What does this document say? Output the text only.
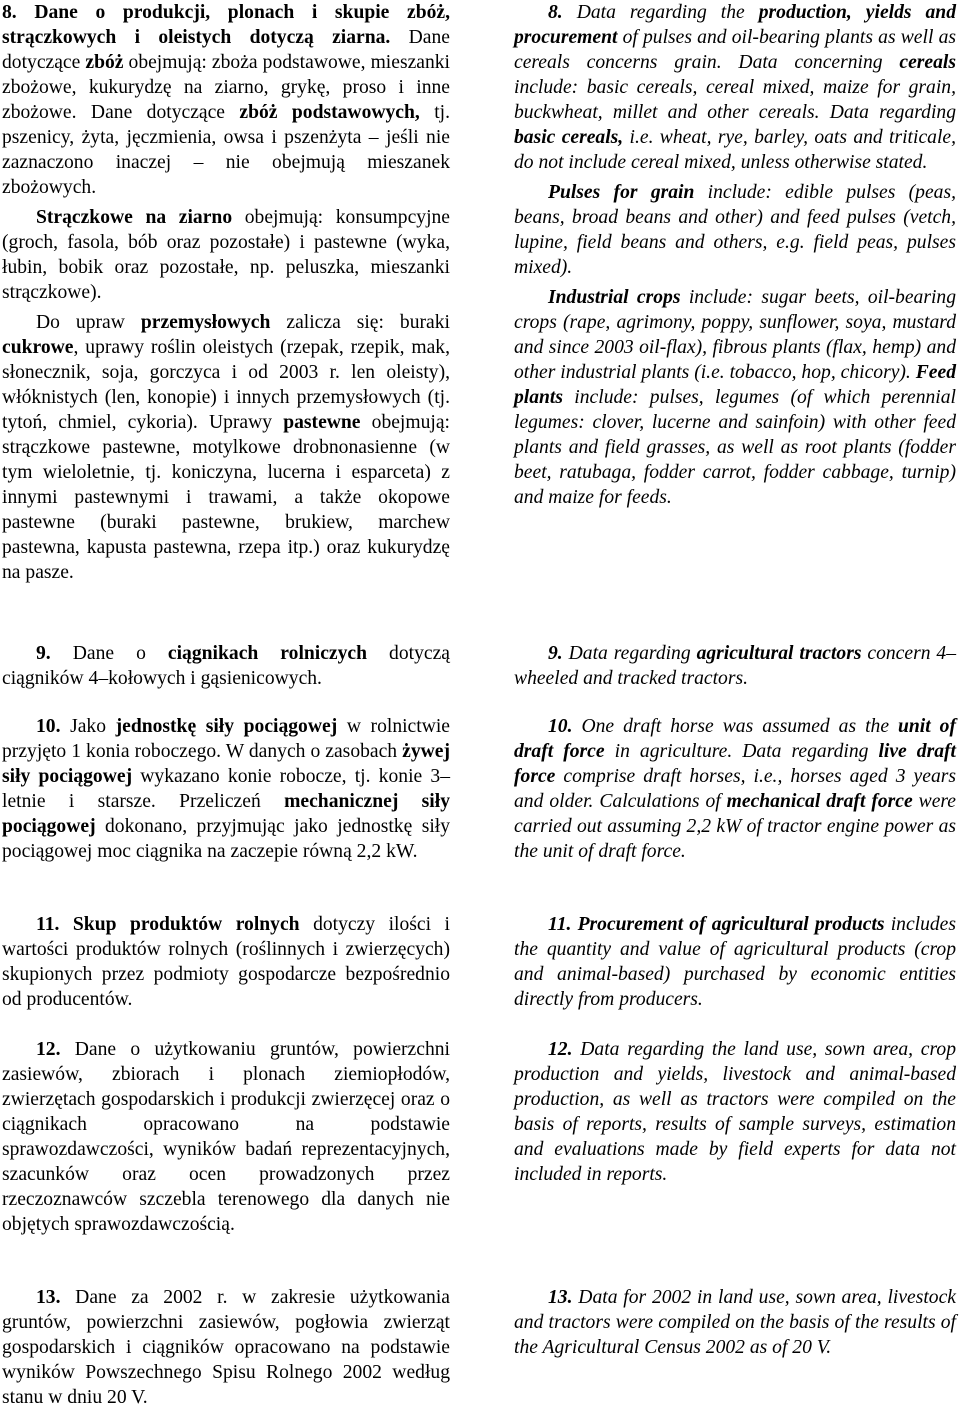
8. Dane o produkcji, plonach i skupie zbóż, strączkowych i oleistych dotyczą ziarna. Dane dotyczące zbóż obejmują: zboża podstawowe, mieszanki zbożowe, kukurydzę na ziarno, grykę, proso i inne zbożowe. Dane dotyczące zbóż podstawowych, tj. pszenicy, żyta, jęczmienia, owsa i pszenżyta – jeśli nie zaznaczono inaczej – nie obejmują mieszanek zbożowych.

Strączkowe na ziarno obejmują: konsumpcyjne (groch, fasola, bób oraz pozostałe) i pastewne (wyka, łubin, bobik oraz pozostałe, np. peluszka, mieszanki strączkowe).

Do upraw przemysłowych zalicza się: buraki cukrowe, uprawy roślin oleistych (rzepak, rzepik, mak, słonecznik, soja, gorczyca i od 2003 r. len oleisty), włóknistych (len, konopie) i innych przemysłowych (tj. tytoń, chmiel, cykoria). Uprawy pastewne obejmują: strączkowe pastewne, motylkowe drobnonasienne (w tym wieloletnie, tj. koniczyna, lucerna i esparceta) z innymi pastewnymi i trawami, a także okopowe pastewne (buraki pastewne, brukiew, marchew pastewna, kapusta pastewna, rzepa itp.) oraz kukurydzę na pasze.

8. Data regarding the production, yields and procurement of pulses and oil-bearing plants as well as cereals concerns grain. Data concerning cereals include: basic cereals, cereal mixed, maize for grain, buckwheat, millet and other cereals. Data regarding basic cereals, i.e. wheat, rye, barley, oats and triticale, do not include cereal mixed, unless otherwise stated.

Pulses for grain include: edible pulses (peas, beans, broad beans and other) and feed pulses (vetch, lupine, field beans and others, e.g. field peas, pulses mixed).

Industrial crops include: sugar beets, oil-bearing crops (rape, agrimony, poppy, sunflower, soya, mustard and since 2003 oil-flax), fibrous plants (flax, hemp) and other industrial plants (i.e. tobacco, hop, chicory). Feed plants include: pulses, legumes (of which perennial legumes: clover, lucerne and sainfoin) with other feed plants and field grasses, as well as root plants (fodder beet, ratubaga, fodder carrot, fodder cabbage, turnip) and maize for feeds.

9. Dane o ciągnikach rolniczych dotyczą ciągników 4–kołowych i gąsienicowych.

9. Data regarding agricultural tractors concern 4–wheeled and tracked tractors.

10. Jako jednostkę siły pociągowej w rolnictwie przyjęto 1 konia roboczego. W danych o zasobach żywej siły pociągowej wykazano konie robocze, tj. konie 3–letnie i starsze. Przeliczeń mechanicznej siły pociągowej dokonano, przyjmując jako jednostkę siły pociągowej moc ciągnika na zaczepie równą 2,2 kW.

10. One draft horse was assumed as the unit of draft force in agriculture. Data regarding live draft force comprise draft horses, i.e., horses aged 3 years and older. Calculations of mechanical draft force were carried out assuming 2,2 kW of tractor engine power as the unit of draft force.

11. Skup produktów rolnych dotyczy ilości i wartości produktów rolnych (roślinnych i zwierzęcych) skupionych przez podmioty gospodarcze bezpośrednio od producentów.

11. Procurement of agricultural products includes the quantity and value of agricultural products (crop and animal-based) purchased by economic entities directly from producers.

12. Dane o użytkowaniu gruntów, powierzchni zasiewów, zbiorach i plonach ziemiopłodów, zwierzętach gospodarskich i produkcji zwierzęcej oraz o ciągnikach opracowano na podstawie sprawozdawczości, wyników badań reprezentacyjnych, szacunków oraz ocen prowadzonych przez rzeczoznawców szczebla terenowego dla danych nie objętych sprawozdawczością.

12. Data regarding the land use, sown area, crop production and yields, livestock and animal-based production, as well as tractors were compiled on the basis of reports, results of sample surveys, estimation and evaluations made by field experts for data not included in reports.

13. Dane za 2002 r. w zakresie użytkowania gruntów, powierzchni zasiewów, pogłowia zwierząt gospodarskich i ciągników opracowano na podstawie wyników Powszechnego Spisu Rolnego 2002 według stanu w dniu 20 V.

13. Data for 2002 in land use, sown area, livestock and tractors were compiled on the basis of the results of the Agricultural Census 2002 as of 20 V.
